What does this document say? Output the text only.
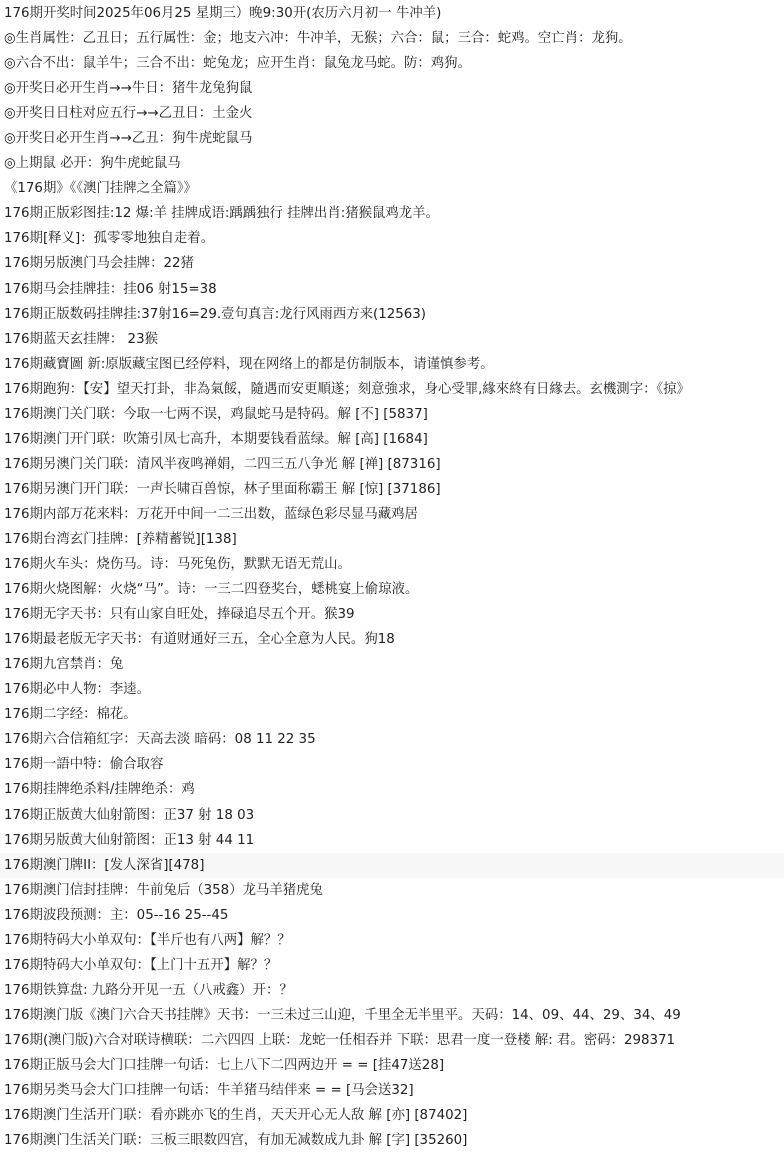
176期开奖时间2025年06月25 星期三）晚9:30开(农历六月初一 牛冲羊)
◎生肖属性：乙丑日；五行属性：金；地支六冲：牛冲羊，无猴；六合：鼠；三合：蛇鸡。空亡肖：龙狗。
◎六合不出：鼠羊牛；三合不出：蛇兔龙；应开生肖：鼠兔龙马蛇。防：鸡狗。
◎开奖日必开生肖→→牛日：猪牛龙兔狗鼠
◎开奖日日柱对应五行→→乙丑日：土金火
◎开奖日必开生肖→→乙丑：狗牛虎蛇鼠马
◎上期鼠 必开：狗牛虎蛇鼠马
《176期》《《澳门挂牌之全篇》》
176期正版彩图挂:12 爆:羊 挂牌成语:踽踽独行 挂牌出肖:猪猴鼠鸡龙羊。
176期[释义]：孤零零地独自走着。
176期另版澳门马会挂牌：22猪
176期马会挂牌挂：挂06 射15=38
176期正版数码挂牌挂:37射16=29.壹句真言:龙行风雨西方来(12563)
176期蓝天玄挂牌： 23猴
176期藏寶圖 新:原版藏宝图已经停料，现在网络上的都是仿制版本，请谨慎参考。
176期跑狗：【安】望天打卦，非為氣餒，隨遇而安更順遂；刻意強求，身心受罪,緣來終有日緣去。玄機測字：《掠》
176期澳门关门联：今取一七两不误，鸡鼠蛇马是特码。解 [不] [5837]
176期澳门开门联：吹箫引凤七高升，本期要钱看蓝绿。解 [高] [1684]
176期另澳门关门联：清风半夜鸣禅娟，二四三五八争光 解 [禅] [87316]
176期另澳门开门联：一声长啸百兽惊，林子里面称霸王 解 [惊] [37186]
176期内部万花来料：万花开中间一二三出数，蓝绿色彩尽显马藏鸡居
176期台湾玄门挂牌：[养精蓄锐][138]
176期火车头：烧伤马。诗：马死兔伤，默默无语无荒山。
176期火烧图解：火烧“马”。诗：一三二四登奖台，蟋桃宴上偷琼液。
176期无字天书：只有山家自旺处，捧碌追尽五个开。猴39
176期最老版无字天书：有道财通好三五，全心全意为人民。狗18
176期九宫禁肖：兔
176期必中人物：李逵。
176期二字经：棉花。
176期六合信箱紅字：天高去淡 暗码：08 11 22 35
176期一語中特：偷合取容
176期挂牌绝杀料/挂牌绝杀：鸡
176期正版黄大仙射箭图：正37 射 18 03
176期另版黄大仙射箭图：正13 射 44 11
176期澳门牌II：[发人深省][478]
176期澳门信封挂牌：牛前兔后（358）龙马羊猪虎兔
176期波段预测：主：05--16 25--45
176期特码大小单双句：【半斤也有八两】解？？
176期特码大小单双句：【上门十五开】解？？
176期铁算盘: 九路分开见一五（八戒鑫）开：？
176期澳门版《澳门六合天书挂牌》天书：一三未过三山迎，千里全无半里平。天码：14、09、44、29、34、49
176期(澳门版)六合对联诗横联：二六四四 上联：龙蛇一任相吞并 下联：思君一度一登楼 解: 君。密码：298371
176期正版马会大门口挂牌一句话：七上八下二四两边开 = = [挂47送28]
176期另类马会大门口挂牌一句话：牛羊猪马结伴来 = = [马会送32]
176期澳门生活开门联：看亦跳亦飞的生肖，天天开心无人敌 解 [亦] [87402]
176期澳门生活关门联：三板三眼数四宫，有加无减数成九卦 解 [字] [35260]
